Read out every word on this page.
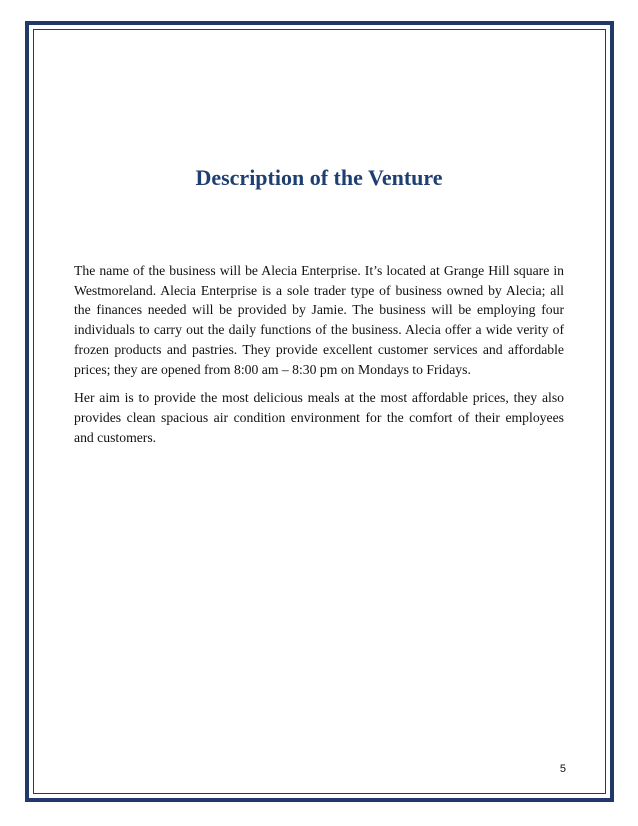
Description of the Venture

The name of the business will be Alecia Enterprise. It’s located at Grange Hill square in Westmoreland. Alecia Enterprise is a sole trader type of business owned by Alecia; all the finances needed will be provided by Jamie. The business will be employing four individuals to carry out the daily functions of the business. Alecia offer a wide verity of frozen products and pastries. They provide excellent customer services and affordable prices; they are opened from 8:00 am – 8:30 pm on Mondays to Fridays.

Her aim is to provide the most delicious meals at the most affordable prices, they also provides clean spacious air condition environment for the comfort of their employees and customers.

5
